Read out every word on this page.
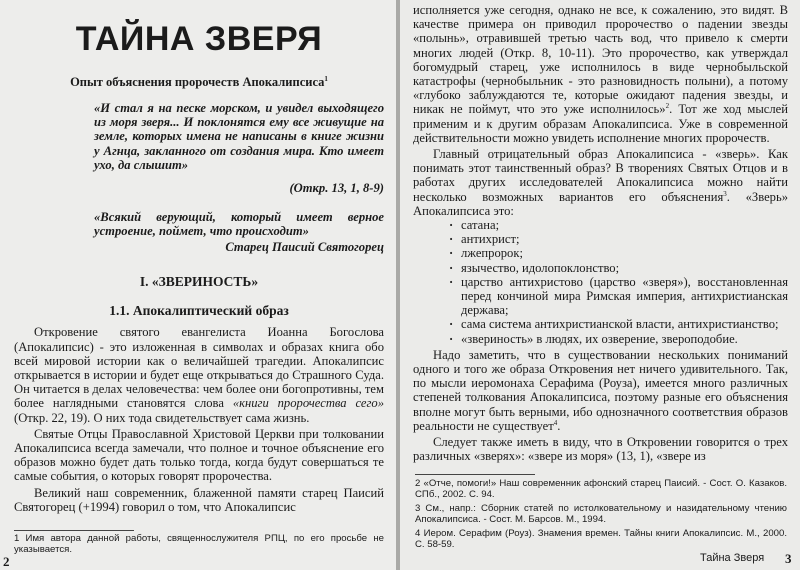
ТАЙНА ЗВЕРЯ
Опыт объяснения пророчеств Апокалипсиса$^1$
«И стал я на песке морском, и увидел выходящего из моря зверя... И поклонятся ему все живущие на земле, которых имена не написаны в книге жизни у Агнца, закланного от создания мира. Кто имеет ухо, да слышит»
(Откр. 13, 1, 8-9)
«Всякий верующий, который имеет верное устроение, поймет, что происходит»
Старец Паисий Святогорец
I. «ЗВЕРИНОСТЬ»
1.1. Апокалиптический образ

Откровение святого евангелиста Иоанна Богослова (Апокалипсис) - это изложенная в символах и образах книга обо всей мировой истории как о величайшей трагедии. Апокалипсис открывается в истории и будет еще открываться до Страшного Суда. Он читается в делах человечества: чем более они богопротивны, тем более наглядными становятся слова «книги пророчества сего» (Откр. 22, 19). О них тода свидетельствует сама жизнь.

Святые Отцы Православной Христовой Церкви при толковании Апокалипсиса всегда замечали, что полное и точное объяснение его образов можно будет дать только тогда, когда будут совершаться те самые события, о которых говорят пророчества.

Великий наш современник, блаженной памяти старец Паисий Святогорец (+1994) говорил о том, что Апокалипсис

1 Имя автора данной работы, священнослужителя РПЦ, по его просьбе не указывается.
2

исполняется уже сегодня, однако не все, к сожалению, это видят. В качестве примера он приводил пророчество о падении звезды «полынь», отравившей третью часть вод, что привело к смерти многих людей (Откр. 8, 10-11). Это пророчество, как утверждал богомудрый старец, уже исполнилось в виде чернобыльской катастрофы (чернобыльник - это разновидность полыни), а потому «глубоко заблуждаются те, которые ожидают падения звезды, и никак не поймут, что это уже исполнилось»$^2$. Тот же ход мыслей применим и к другим образам Апокалипсиса. Уже в современной действительности можно увидеть исполнение многих пророчеств.

Главный отрицательный образ Апокалипсиса - «зверь». Как понимать этот таинственный образ? В творениях Святых Отцов и в работах других исследователей Апокалипсиса можно найти несколько возможных вариантов его объяснения$^3$. «Зверь» Апокалипсиса это:

· сатана;
· антихрист;
· лжепророк;
· язычество, идолопоклонство;
· царство антихристово (царство «зверя»), восстановленная перед кончиной мира Римская империя, антихристианская держава;
· сама система антихристианской власти, антихристианство;
· «звериность» в людях, их озверение, звероподобие.

Надо заметить, что в существовании нескольких пониманий одного и того же образа Откровения нет ничего удивительного. Так, по мысли иеромонаха Серафима (Роуза), имеется много различных степеней толкования Апокалипсиса, поэтому разные его объяснения вполне могут быть верными, ибо однозначного соответствия образов реальности не существует$^4$.

Следует также иметь в виду, что в Откровении говорится о трех различных «зверях»: «звере из моря» (13, 1), «звере из

2 «Отче, помоги!» Наш современник афонский старец Паисий. - Сост. О. Казаков. СПб., 2002. С. 94.
3 См., напр.: Сборник статей по истолковательному и назидательному чтению Апокалипсиса. - Сост. М. Барсов. М., 1994.
4 Иером. Серафим (Роуз). Знамения времен. Тайны книги Апокалипсис. М., 2000. С. 58-59.
Тайна Зверя 3
